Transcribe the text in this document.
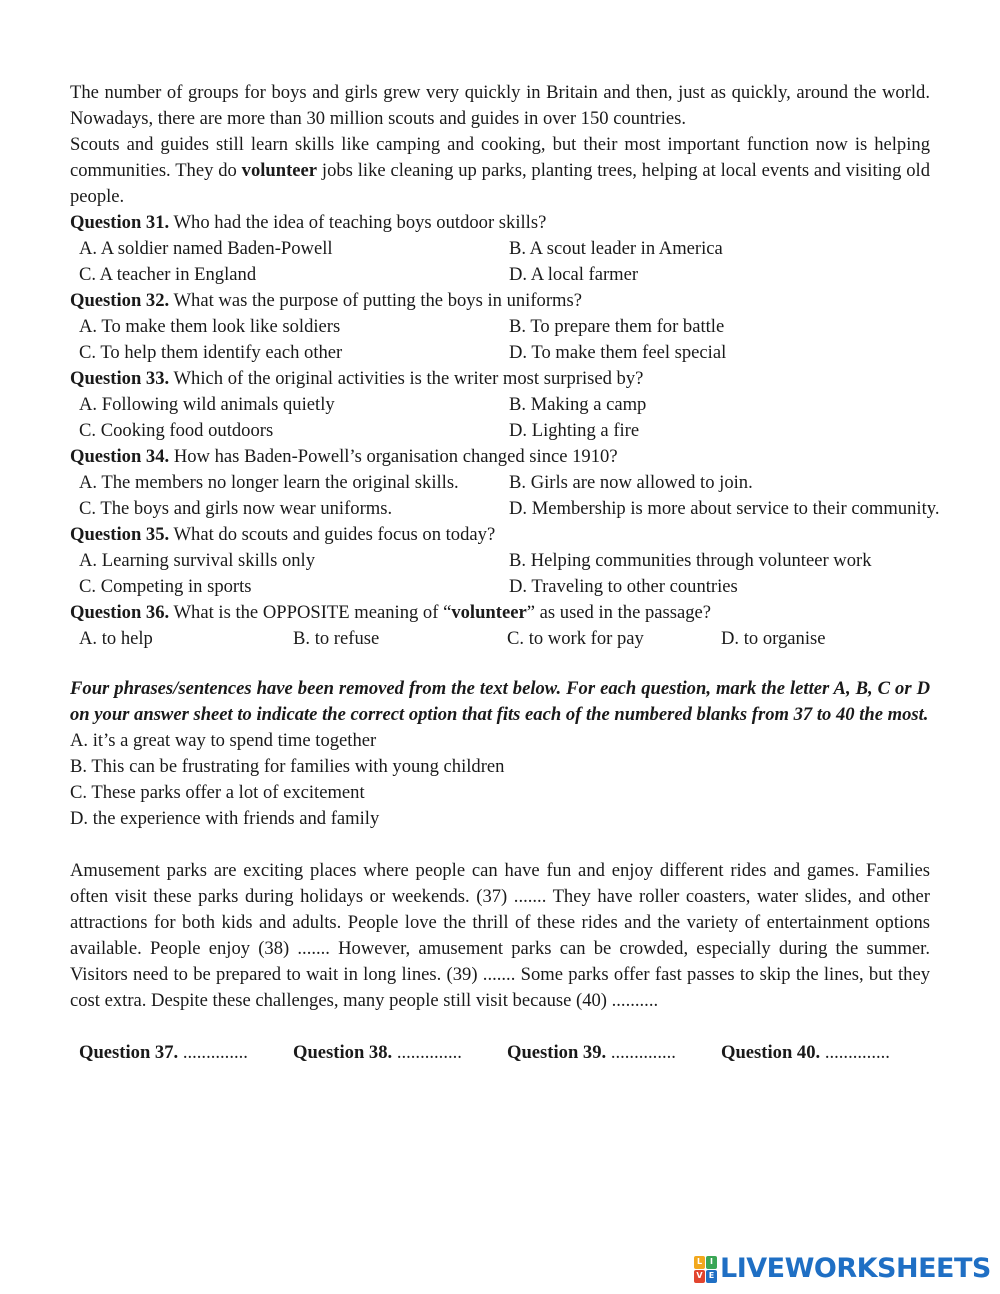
The number of groups for boys and girls grew very quickly in Britain and then, just as quickly, around the world. Nowadays, there are more than 30 million scouts and guides in over 150 countries.

Scouts and guides still learn skills like camping and cooking, but their most important function now is helping communities. They do volunteer jobs like cleaning up parks, planting trees, helping at local events and visiting old people.

Question 31. Who had the idea of teaching boys outdoor skills?

A. A soldier named Baden-Powell	B. A scout leader in America
C. A teacher in England	D. A local farmer

Question 32. What was the purpose of putting the boys in uniforms?

A. To make them look like soldiers	B. To prepare them for battle
C. To help them identify each other	D. To make them feel special

Question 33. Which of the original activities is the writer most surprised by?

A. Following wild animals quietly	B. Making a camp
C. Cooking food outdoors	D. Lighting a fire

Question 34. How has Baden-Powell’s organisation changed since 1910?

A. The members no longer learn the original skills.	B. Girls are now allowed to join.
C. The boys and girls now wear uniforms.	D. Membership is more about service to their community.

Question 35. What do scouts and guides focus on today?

A. Learning survival skills only	B. Helping communities through volunteer work
C. Competing in sports	D. Traveling to other countries

Question 36. What is the OPPOSITE meaning of “volunteer” as used in the passage?

A. to help	B. to refuse	C. to work for pay	D. to organise

Four phrases/sentences have been removed from the text below. For each question, mark the letter A, B, C or D on your answer sheet to indicate the correct option that fits each of the numbered blanks from 37 to 40 the most.

A. it’s a great way to spend time together
B. This can be frustrating for families with young children
C. These parks offer a lot of excitement
D. the experience with friends and family

Amusement parks are exciting places where people can have fun and enjoy different rides and games. Families often visit these parks during holidays or weekends. (37) ....... They have roller coasters, water slides, and other attractions for both kids and adults. People love the thrill of these rides and the variety of entertainment options available. People enjoy (38) ....... However, amusement parks can be crowded, especially during the summer. Visitors need to be prepared to wait in long lines. (39) ....... Some parks offer fast passes to skip the lines, but they cost extra. Despite these challenges, many people still visit because (40) ..........

Question 37. ..............	Question 38. ..............	Question 39. ..............	Question 40. ..............
L I
V E LIVEWORKSHEETS
